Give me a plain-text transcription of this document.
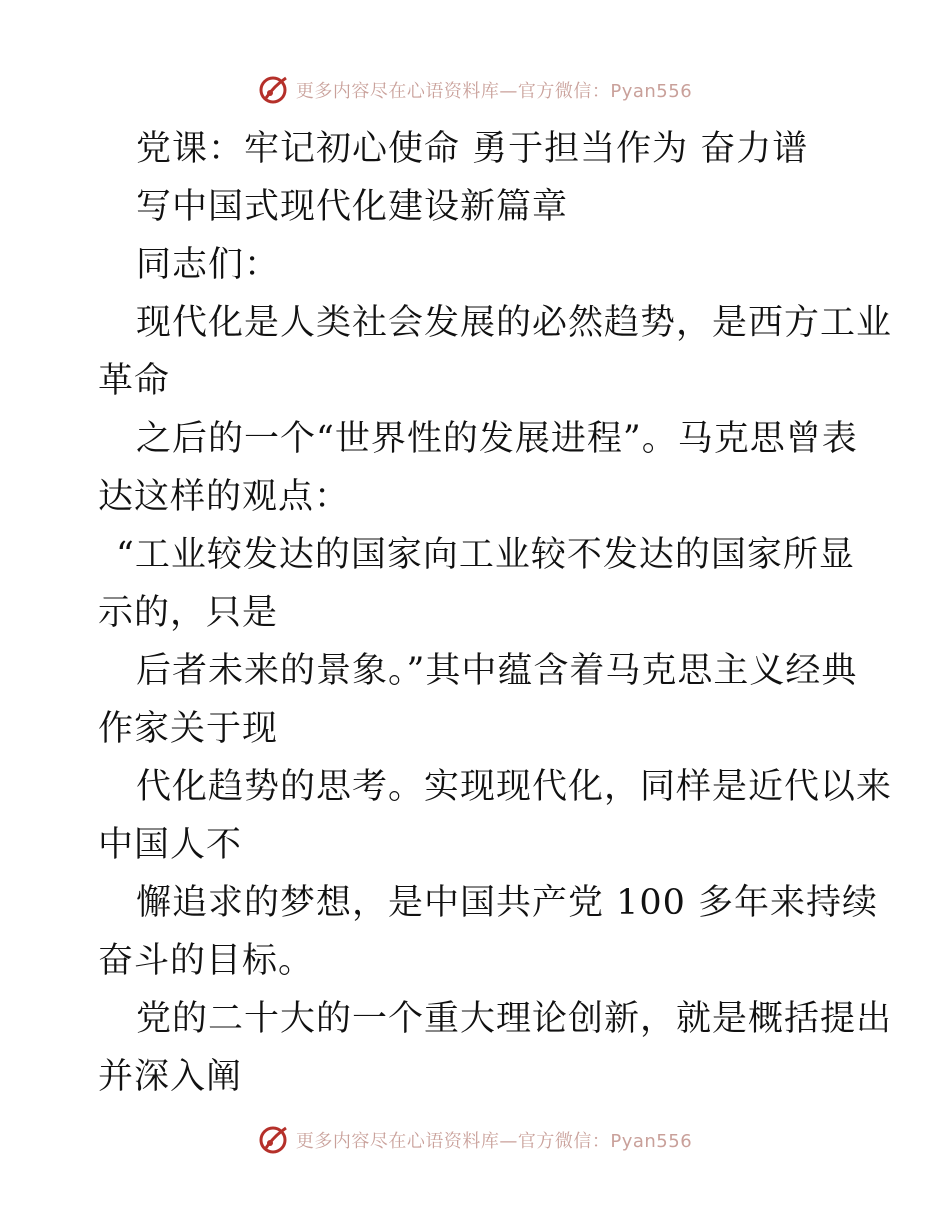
更多内容尽在心语资料库—官方微信：Pyan556
党课：牢记初心使命 勇于担当作为 奋力谱
写中国式现代化建设新篇章
同志们：
现代化是人类社会发展的必然趋势，是西方工业
革命
之后的一个“世界性的发展进程”。马克思曾表
达这样的观点：
“工业较发达的国家向工业较不发达的国家所显
示的，只是
后者未来的景象。”其中蕴含着马克思主义经典
作家关于现
代化趋势的思考。实现现代化，同样是近代以来
中国人不
懈追求的梦想，是中国共产党 100 多年来持续
奋斗的目标。
党的二十大的一个重大理论创新，就是概括提出
并深入阐
更多内容尽在心语资料库—官方微信：Pyan556
